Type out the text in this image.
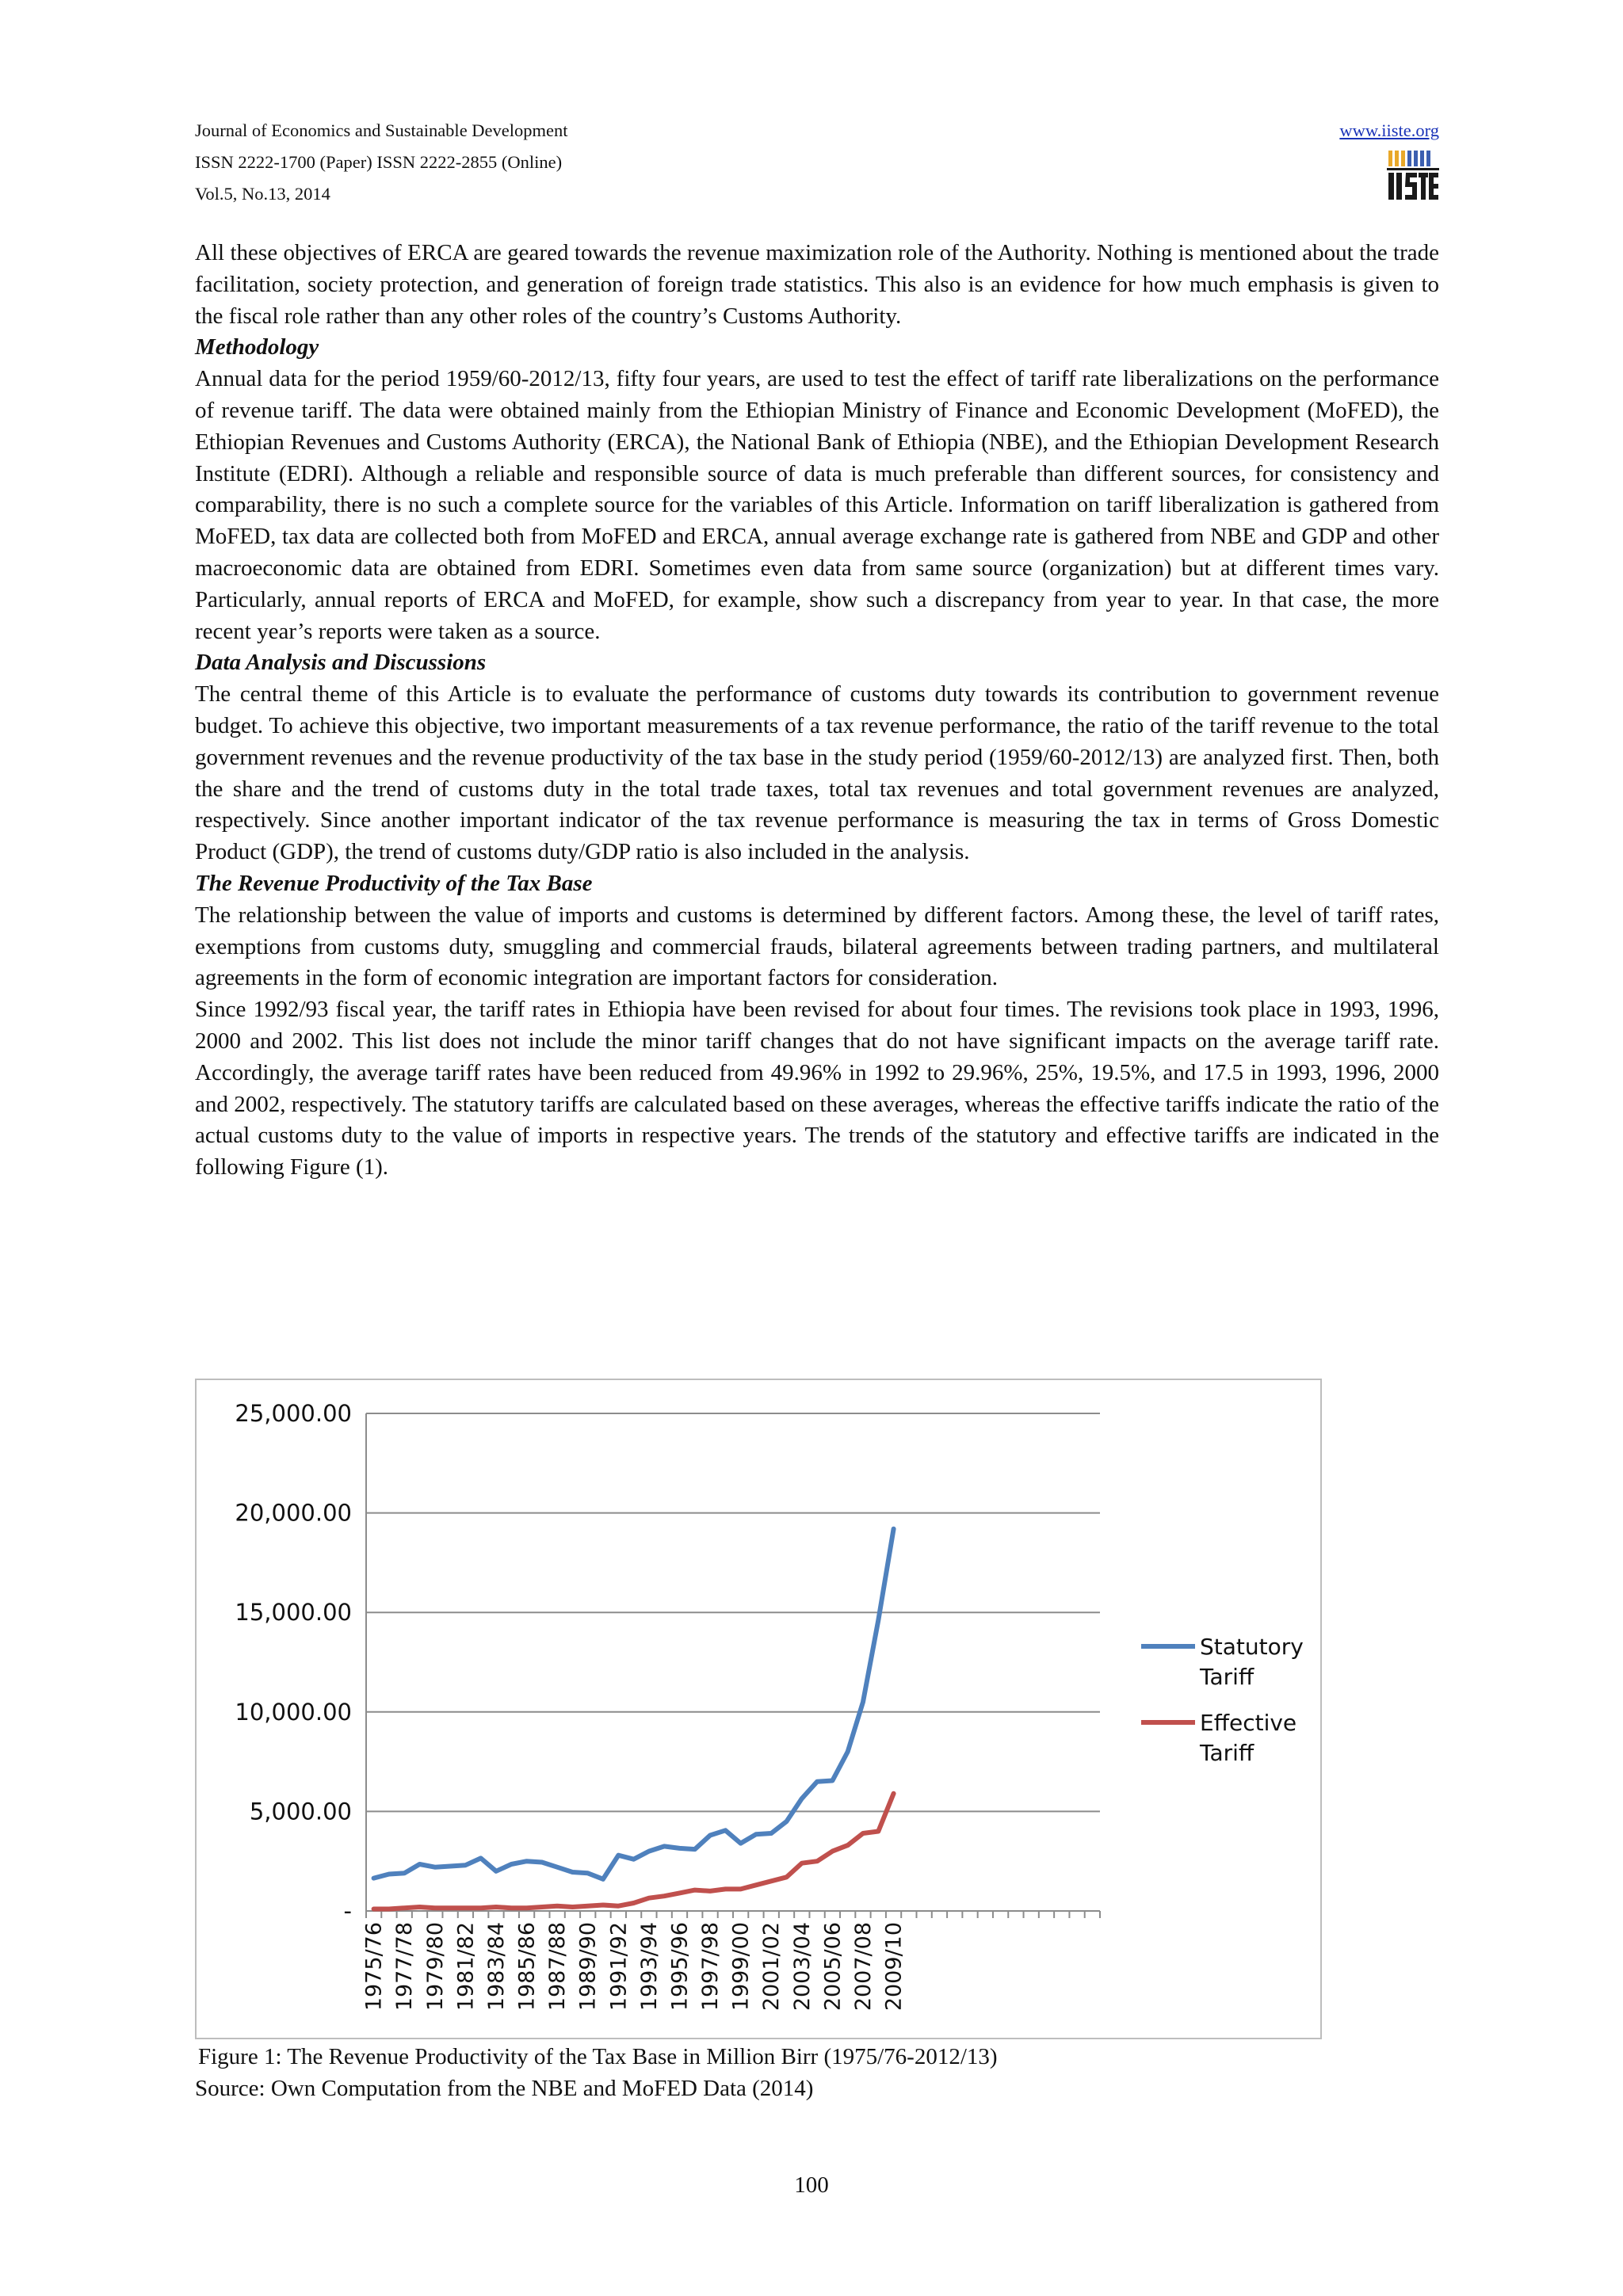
Journal of Economics and Sustainable Development
ISSN 2222-1700 (Paper) ISSN 2222-2855 (Online)
Vol.5, No.13, 2014
www.iiste.org

All these objectives of ERCA are geared towards the revenue maximization role of the Authority. Nothing is mentioned about the trade facilitation, society protection, and generation of foreign trade statistics. This also is an evidence for how much emphasis is given to the fiscal role rather than any other roles of the country’s Customs Authority.

Methodology

Annual data for the period 1959/60-2012/13, fifty four years, are used to test the effect of tariff rate liberalizations on the performance of revenue tariff. The data were obtained mainly from the Ethiopian Ministry of Finance and Economic Development (MoFED), the Ethiopian Revenues and Customs Authority (ERCA), the National Bank of Ethiopia (NBE), and the Ethiopian Development Research Institute (EDRI). Although a reliable and responsible source of data is much preferable than different sources, for consistency and comparability, there is no such a complete source for the variables of this Article. Information on tariff liberalization is gathered from MoFED, tax data are collected both from MoFED and ERCA, annual average exchange rate is gathered from NBE and GDP and other macroeconomic data are obtained from EDRI. Sometimes even data from same source (organization) but at different times vary. Particularly, annual reports of ERCA and MoFED, for example, show such a discrepancy from year to year. In that case, the more recent year’s reports were taken as a source.

Data Analysis and Discussions

The central theme of this Article is to evaluate the performance of customs duty towards its contribution to government revenue budget. To achieve this objective, two important measurements of a tax revenue performance, the ratio of the tariff revenue to the total government revenues and the revenue productivity of the tax base in the study period (1959/60-2012/13) are analyzed first. Then, both the share and the trend of customs duty in the total trade taxes, total tax revenues and total government revenues are analyzed, respectively. Since another important indicator of the tax revenue performance is measuring the tax in terms of Gross Domestic Product (GDP), the trend of customs duty/GDP ratio is also included in the analysis.

The Revenue Productivity of the Tax Base

The relationship between the value of imports and customs is determined by different factors. Among these, the level of tariff rates, exemptions from customs duty, smuggling and commercial frauds, bilateral agreements between trading partners, and multilateral agreements in the form of economic integration are important factors for consideration.

Since 1992/93 fiscal year, the tariff rates in Ethiopia have been revised for about four times. The revisions took place in 1993, 1996, 2000 and 2002. This list does not include the minor tariff changes that do not have significant impacts on the average tariff rate. Accordingly, the average tariff rates have been reduced from 49.96% in 1992 to 29.96%, 25%, 19.5%, and 17.5 in 1993, 1996, 2000 and 2002, respectively. The statutory tariffs are calculated based on these averages, whereas the effective tariffs indicate the ratio of the actual customs duty to the value of imports in respective years. The trends of the statutory and effective tariffs are indicated in the following Figure (1).

-
5,000.00
10,000.00
15,000.00
20,000.00
25,000.00
1975/76 1977/78 1979/80 1981/82 1983/84 1985/86 1987/88 1989/90 1991/92 1993/94 1995/96 1997/98 1999/00 2001/02 2003/04 2005/06 2007/08 2009/10
Statutory Tariff
Effective Tariff
Figure 1: The Revenue Productivity of the Tax Base in Million Birr (1975/76-2012/13)
Source: Own Computation from the NBE and MoFED Data (2014)
100
